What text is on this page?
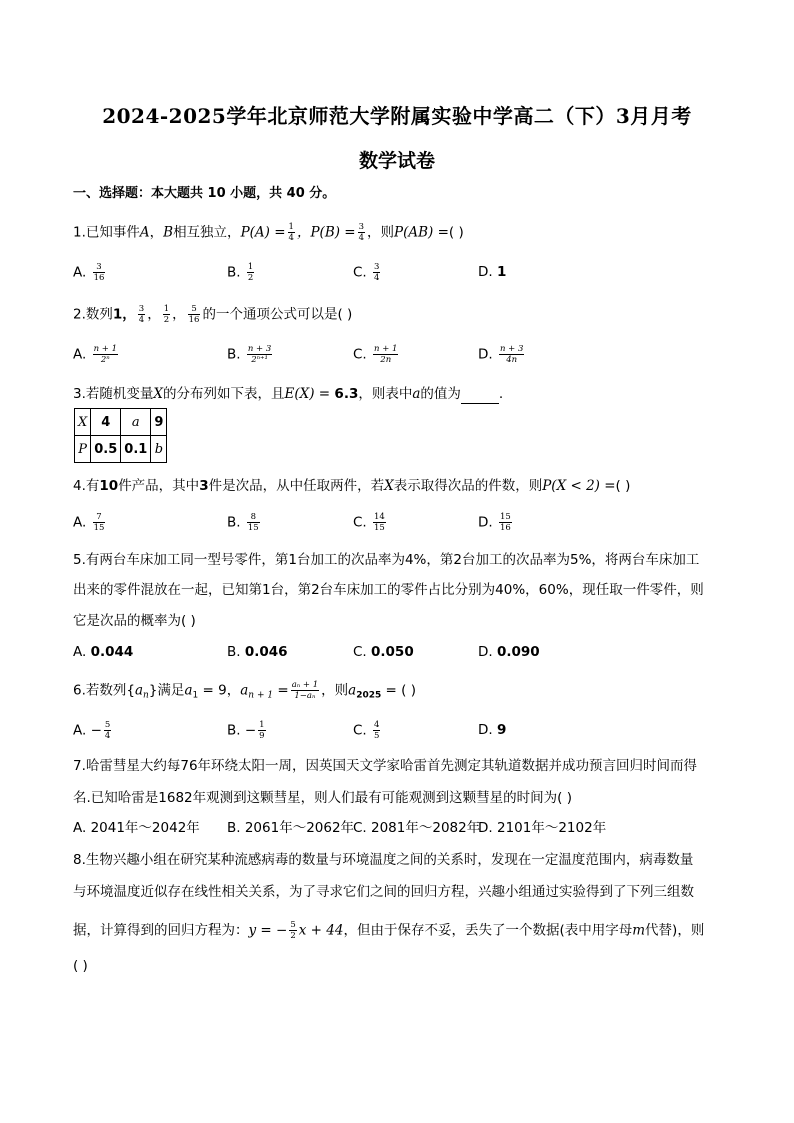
2024-2025学年北京师范大学附属实验中学高二（下）3月月考
数学试卷
一、选择题：本大题共 10 小题，共 40 分。
1.已知事件A，B相互独立，$P(A) = \frac{1}{4}$ ，$P(B) = \frac{3}{4}$ ，则P(AB) =( )
A. $\frac{3}{16}$	B. $\frac{1}{2}$	C. $\frac{3}{4}$	D. 1
2.数列1， $\frac{3}{4}$ ， $\frac{1}{2}$ ， $\frac{5}{16}$ 的一个通项公式可以是( )
A. $\frac{n + 1}{\text{2ⁿ}}$	B. $\frac{n + 3}{\text{2ⁿ⁺¹}}$	C. $\frac{n + 1}{2n}$	D. $\frac{n + 3}{4n}$
3.若随机变量X的分布列如下表，且E(X) = 6.3，则表中a的值为	.
X	4	a	9
P	0.5	0.1	b
4.有10件产品，其中3件是次品，从中任取两件，若X表示取得次品的件数，则P(X < 2) =( )
A. $\frac{7}{15}$	B. $\frac{8}{15}$	C. $\frac{14}{15}$	D. $\frac{15}{16}$
5.有两台车床加工同一型号零件，第1台加工的次品率为4%，第2台加工的次品率为5%，将两台车床加工
出来的零件混放在一起，已知第1台，第2台车床加工的零件占比分别为40%，60%，现任取一件零件，则
它是次品的概率为( )
A. 0.044	B. 0.046	C. 0.050	D. 0.090
6.若数列$\{a_n\}$满足$a_1 = 9$，$a_{n + 1} = \frac{\text{aₙ + 1}}{\text{1−aₙ}}$ ，则$a_{2025}$ = ( )
A. − $\frac{5}{4}$	B. − $\frac{1}{9}$	C. $\frac{4}{5}$	D. 9
7.哈雷彗星大约每76年环绕太阳一周，因英国天文学家哈雷首先测定其轨道数据并成功预言回归时间而得
名.已知哈雷是1682年观测到这颗彗星，则人们最有可能观测到这颗彗星的时间为( )
A. 2041年～2042年 B. 2061年～2062年
C. 2081年～2082年
D. 2101年～2102年
8.生物兴趣小组在研究某种流感病毒的数量与环境温度之间的关系时，发现在一定温度范围内，病毒数量
与环境温度近似存在线性相关关系，为了寻求它们之间的回归方程，兴趣小组通过实验得到了下列三组数
据，计算得到的回归方程为：y = − $\frac{5}{2}$ x + 44，但由于保存不妥，丢失了一个数据(表中用字母m代替)，则
( )
